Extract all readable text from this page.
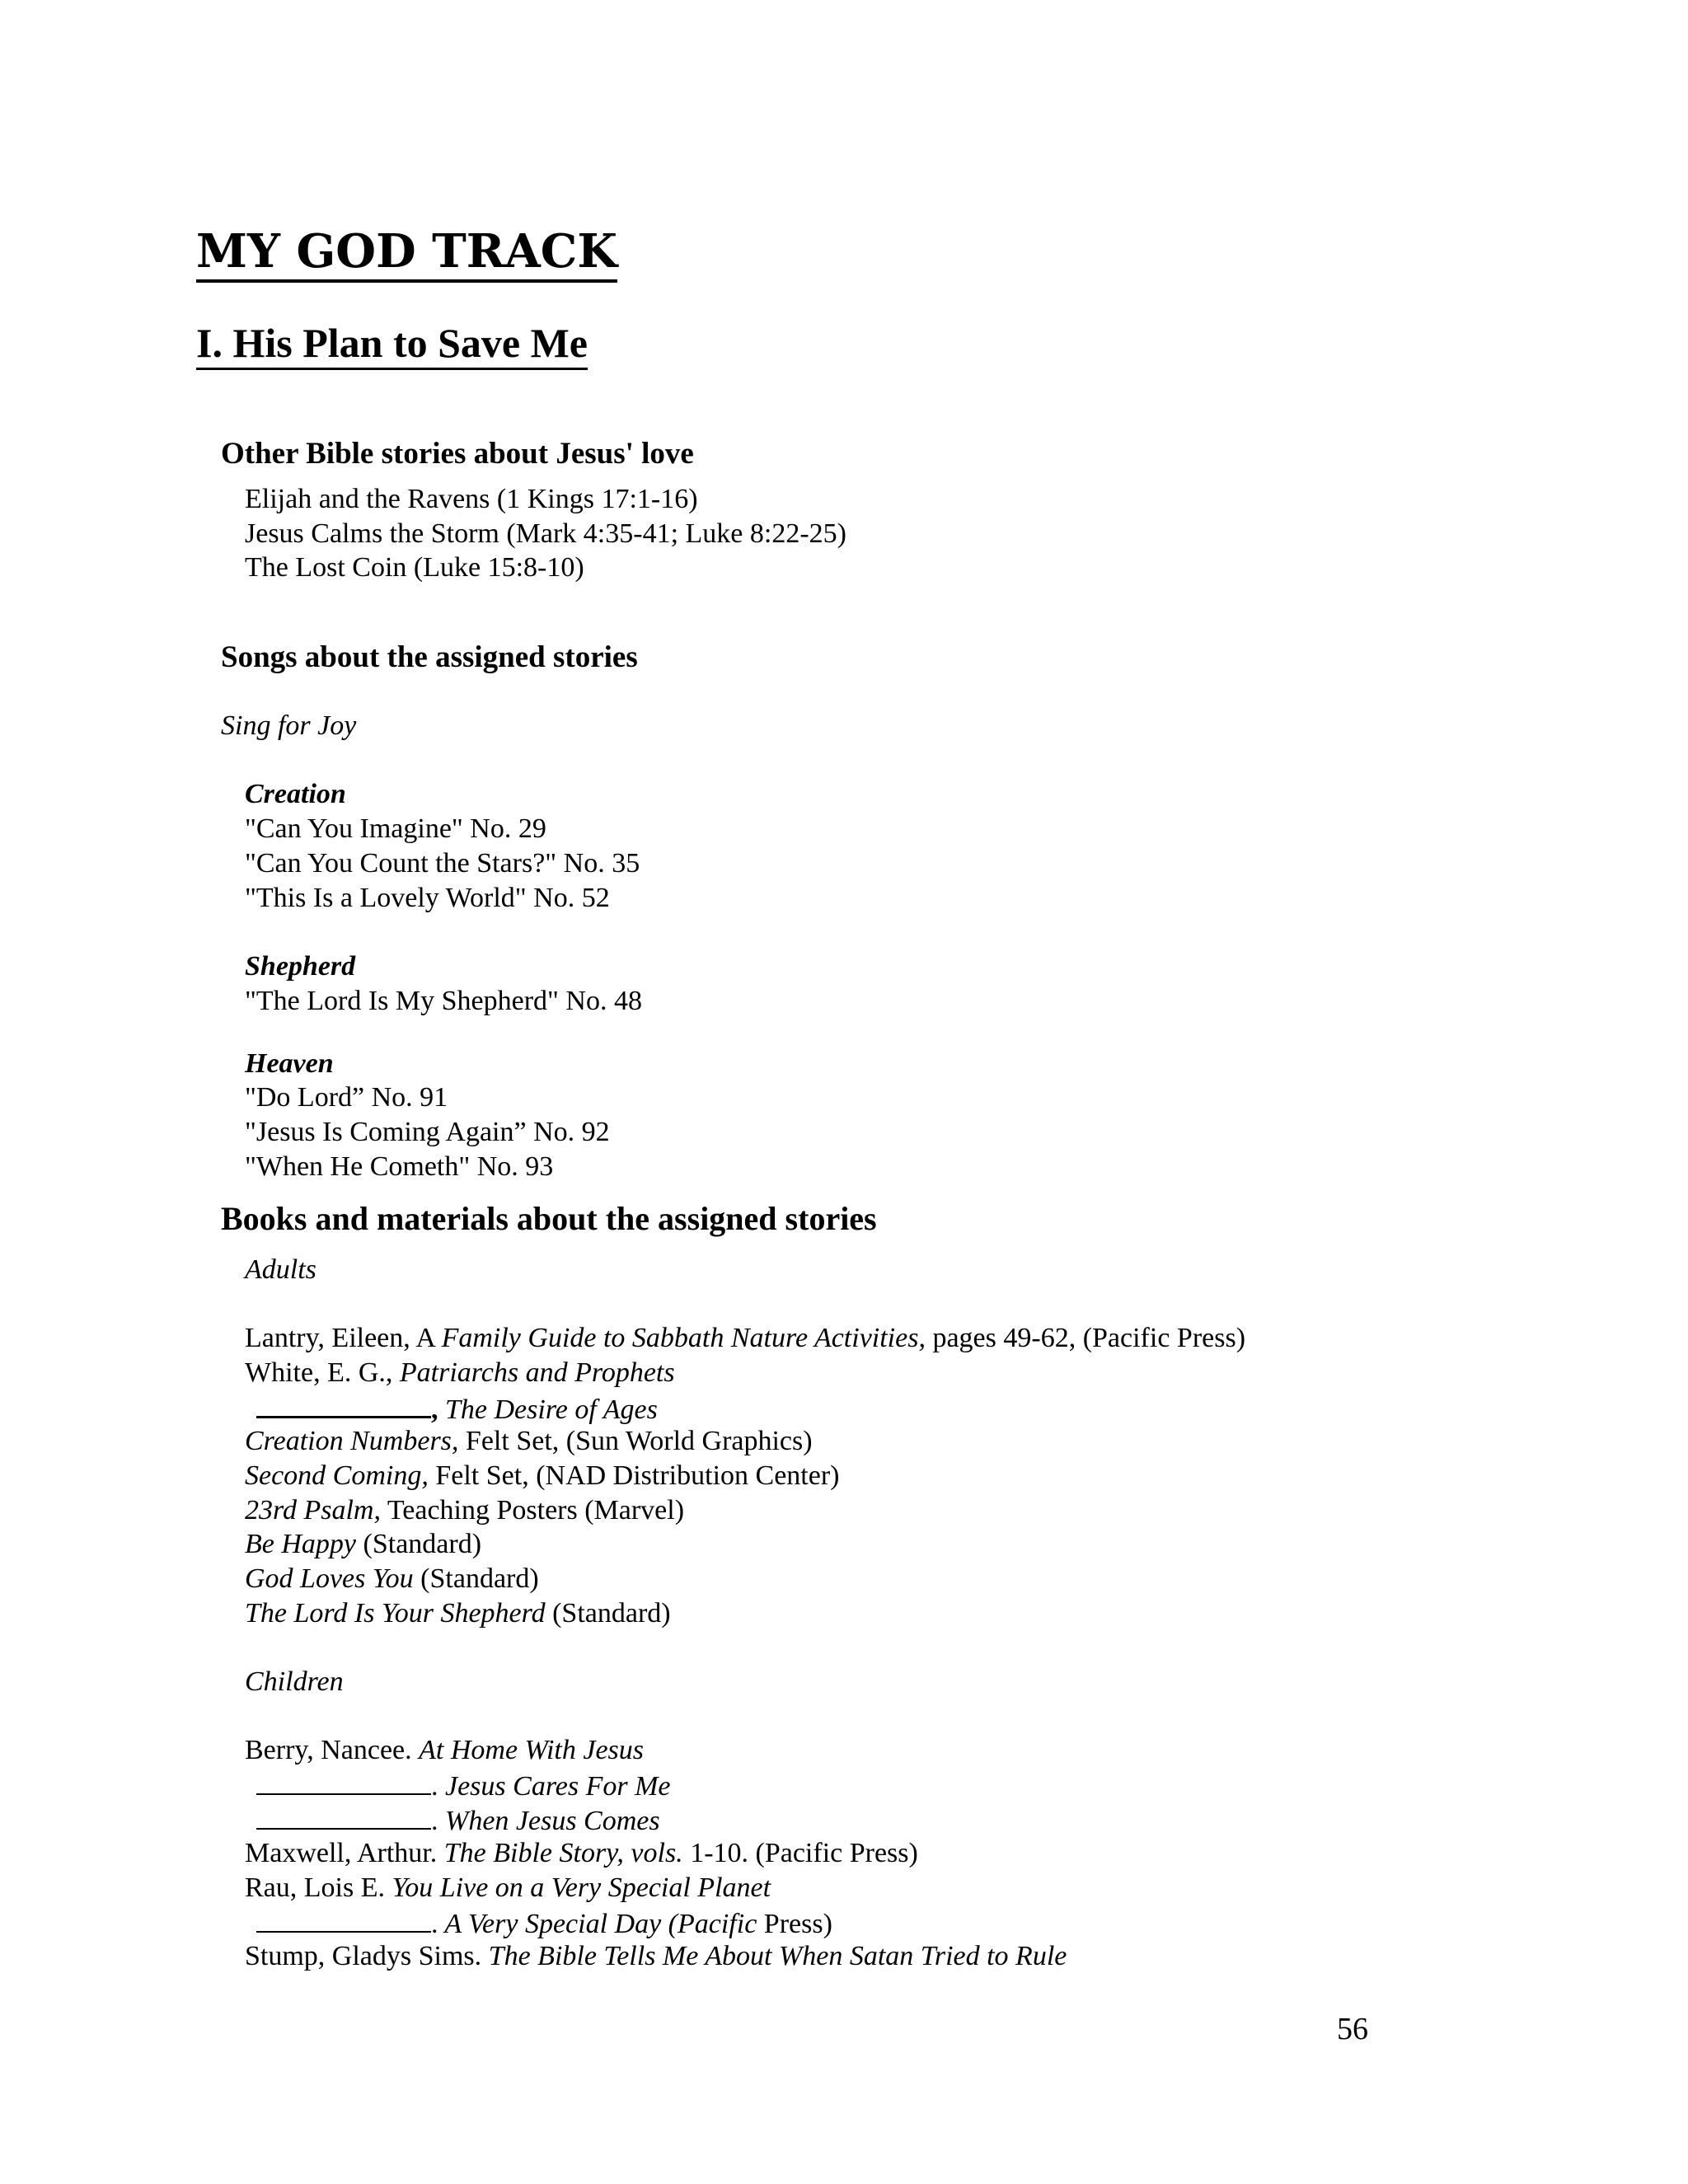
MY GOD TRACK
I. His Plan to Save Me
Other Bible stories about Jesus' love
Elijah and the Ravens (1 Kings 17:1-16)
Jesus Calms the Storm (Mark 4:35-41; Luke 8:22-25)
The Lost Coin (Luke 15:8-10)
Songs about the assigned stories
Sing for Joy
Creation
"Can You Imagine" No. 29
"Can You Count the Stars?" No. 35
"This Is a Lovely World" No. 52
Shepherd
"The Lord Is My Shepherd" No. 48
Heaven
"Do Lord” No. 91
"Jesus Is Coming Again” No. 92
"When He Cometh" No. 93
Books and materials about the assigned stories
Adults
Lantry, Eileen, A Family Guide to Sabbath Nature Activities, pages 49-62, (Pacific Press)
White, E. G., Patriarchs and Prophets
, The Desire of Ages
Creation Numbers, Felt Set, (Sun World Graphics)
Second Coming, Felt Set, (NAD Distribution Center)
23rd Psalm, Teaching Posters (Marvel)
Be Happy (Standard)
God Loves You (Standard)
The Lord Is Your Shepherd (Standard)
Children
Berry, Nancee. At Home With Jesus
. Jesus Cares For Me
. When Jesus Comes
Maxwell, Arthur. The Bible Story, vols. 1-10. (Pacific Press)
Rau, Lois E. You Live on a Very Special Planet
. A Very Special Day (Pacific Press)
Stump, Gladys Sims. The Bible Tells Me About When Satan Tried to Rule
56
